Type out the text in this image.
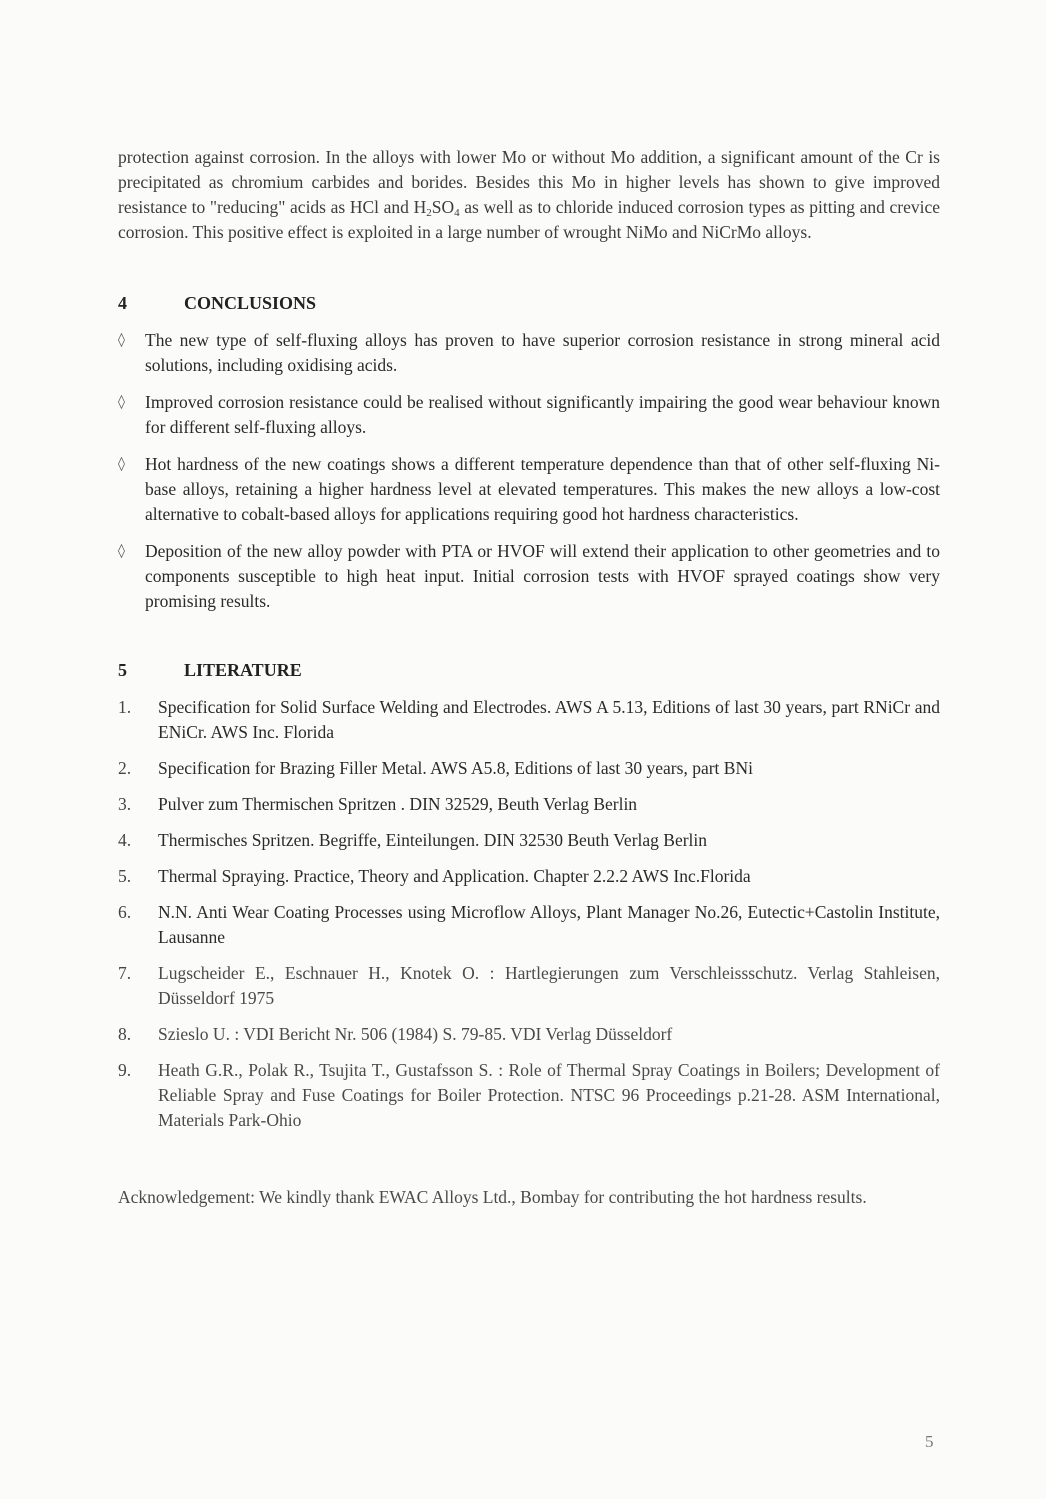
protection against corrosion. In the alloys with lower Mo or without Mo addition, a significant amount of the Cr is precipitated as chromium carbides and borides. Besides this Mo in higher levels has shown to give improved resistance to "reducing" acids as HCl and $H_2SO_4$ as well as to chloride induced corrosion types as pitting and crevice corrosion. This positive effect is exploited in a large number of wrought NiMo and NiCrMo alloys.

4	CONCLUSIONS
◊	The new type of self-fluxing alloys has proven to have superior corrosion resistance in strong mineral acid solutions, including oxidising acids.
◊	Improved corrosion resistance could be realised without significantly impairing the good wear behaviour known for different self-fluxing alloys.
◊	Hot hardness of the new coatings shows a different temperature dependence than that of other self-fluxing Ni-base alloys, retaining a higher hardness level at elevated temperatures. This makes the new alloys a low-cost alternative to cobalt-based alloys for applications requiring good hot hardness characteristics.
◊	Deposition of the new alloy powder with PTA or HVOF will extend their application to other geometries and to components susceptible to high heat input. Initial corrosion tests with HVOF sprayed coatings show very promising results.
5	LITERATURE
1.	Specification for Solid Surface Welding and Electrodes. AWS A 5.13, Editions of last 30 years, part RNiCr and ENiCr. AWS Inc. Florida
2.	Specification for Brazing Filler Metal. AWS A5.8, Editions of last 30 years, part BNi
3.	Pulver zum Thermischen Spritzen . DIN 32529, Beuth Verlag Berlin
4.	Thermisches Spritzen. Begriffe, Einteilungen. DIN 32530 Beuth Verlag Berlin
5.	Thermal Spraying. Practice, Theory and Application. Chapter 2.2.2 AWS Inc.Florida
6.	N.N. Anti Wear Coating Processes using Microflow Alloys, Plant Manager No.26, Eutectic+Castolin Institute, Lausanne
7.	Lugscheider E., Eschnauer H., Knotek O. : Hartlegierungen zum Verschleissschutz. Verlag Stahleisen, Düsseldorf 1975
8.	Szieslo U. : VDI Bericht Nr. 506 (1984) S. 79-85. VDI Verlag Düsseldorf
9.	Heath G.R., Polak R., Tsujita T., Gustafsson S. : Role of Thermal Spray Coatings in Boilers; Development of Reliable Spray and Fuse Coatings for Boiler Protection. NTSC 96 Proceedings p.21-28. ASM International, Materials Park-Ohio

Acknowledgement: We kindly thank EWAC Alloys Ltd., Bombay for contributing the hot hardness results.

5
